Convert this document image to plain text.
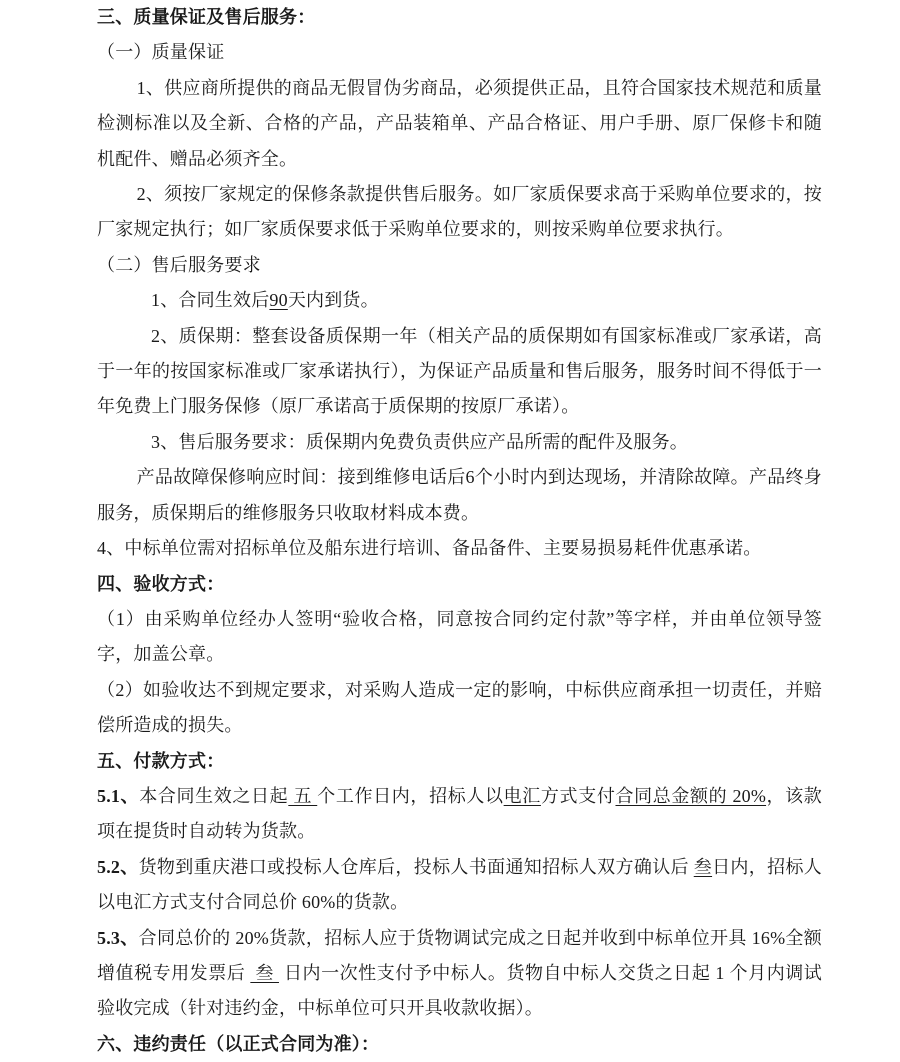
三、质量保证及售后服务：

（一）质量保证

1、供应商所提供的商品无假冒伪劣商品，必须提供正品，且符合国家技术规范和质量检测标准以及全新、合格的产品，产品装箱单、产品合格证、用户手册、原厂保修卡和随机配件、赠品必须齐全。

2、须按厂家规定的保修条款提供售后服务。如厂家质保要求高于采购单位要求的，按厂家规定执行；如厂家质保要求低于采购单位要求的，则按采购单位要求执行。

（二）售后服务要求

1、合同生效后90天内到货。

2、质保期：整套设备质保期一年（相关产品的质保期如有国家标准或厂家承诺，高于一年的按国家标准或厂家承诺执行），为保证产品质量和售后服务，服务时间不得低于一年免费上门服务保修（原厂承诺高于质保期的按原厂承诺）。

3、售后服务要求：质保期内免费负责供应产品所需的配件及服务。

产品故障保修响应时间：接到维修电话后6个小时内到达现场，并清除故障。产品终身服务，质保期后的维修服务只收取材料成本费。

4、中标单位需对招标单位及船东进行培训、备品备件、主要易损易耗件优惠承诺。

四、验收方式：

（1）由采购单位经办人签明“验收合格，同意按合同约定付款”等字样，并由单位领导签字，加盖公章。

（2）如验收达不到规定要求，对采购人造成一定的影响，中标供应商承担一切责任，并赔偿所造成的损失。

五、付款方式：

5.1、本合同生效之日起 五 个工作日内，招标人以电汇方式支付合同总金额的 20%，该款项在提货时自动转为货款。

5.2、货物到重庆港口或投标人仓库后，投标人书面通知招标人双方确认后 叁日内，招标人以电汇方式支付合同总价 60%的货款。

5.3、合同总价的 20%货款，招标人应于货物调试完成之日起并收到中标单位开具 16%全额增值税专用发票后  叁  日内一次性支付予中标人。货物自中标人交货之日起 1 个月内调试验收完成（针对违约金，中标单位可只开具收款收据）。

六、违约责任（以正式合同为准）：
